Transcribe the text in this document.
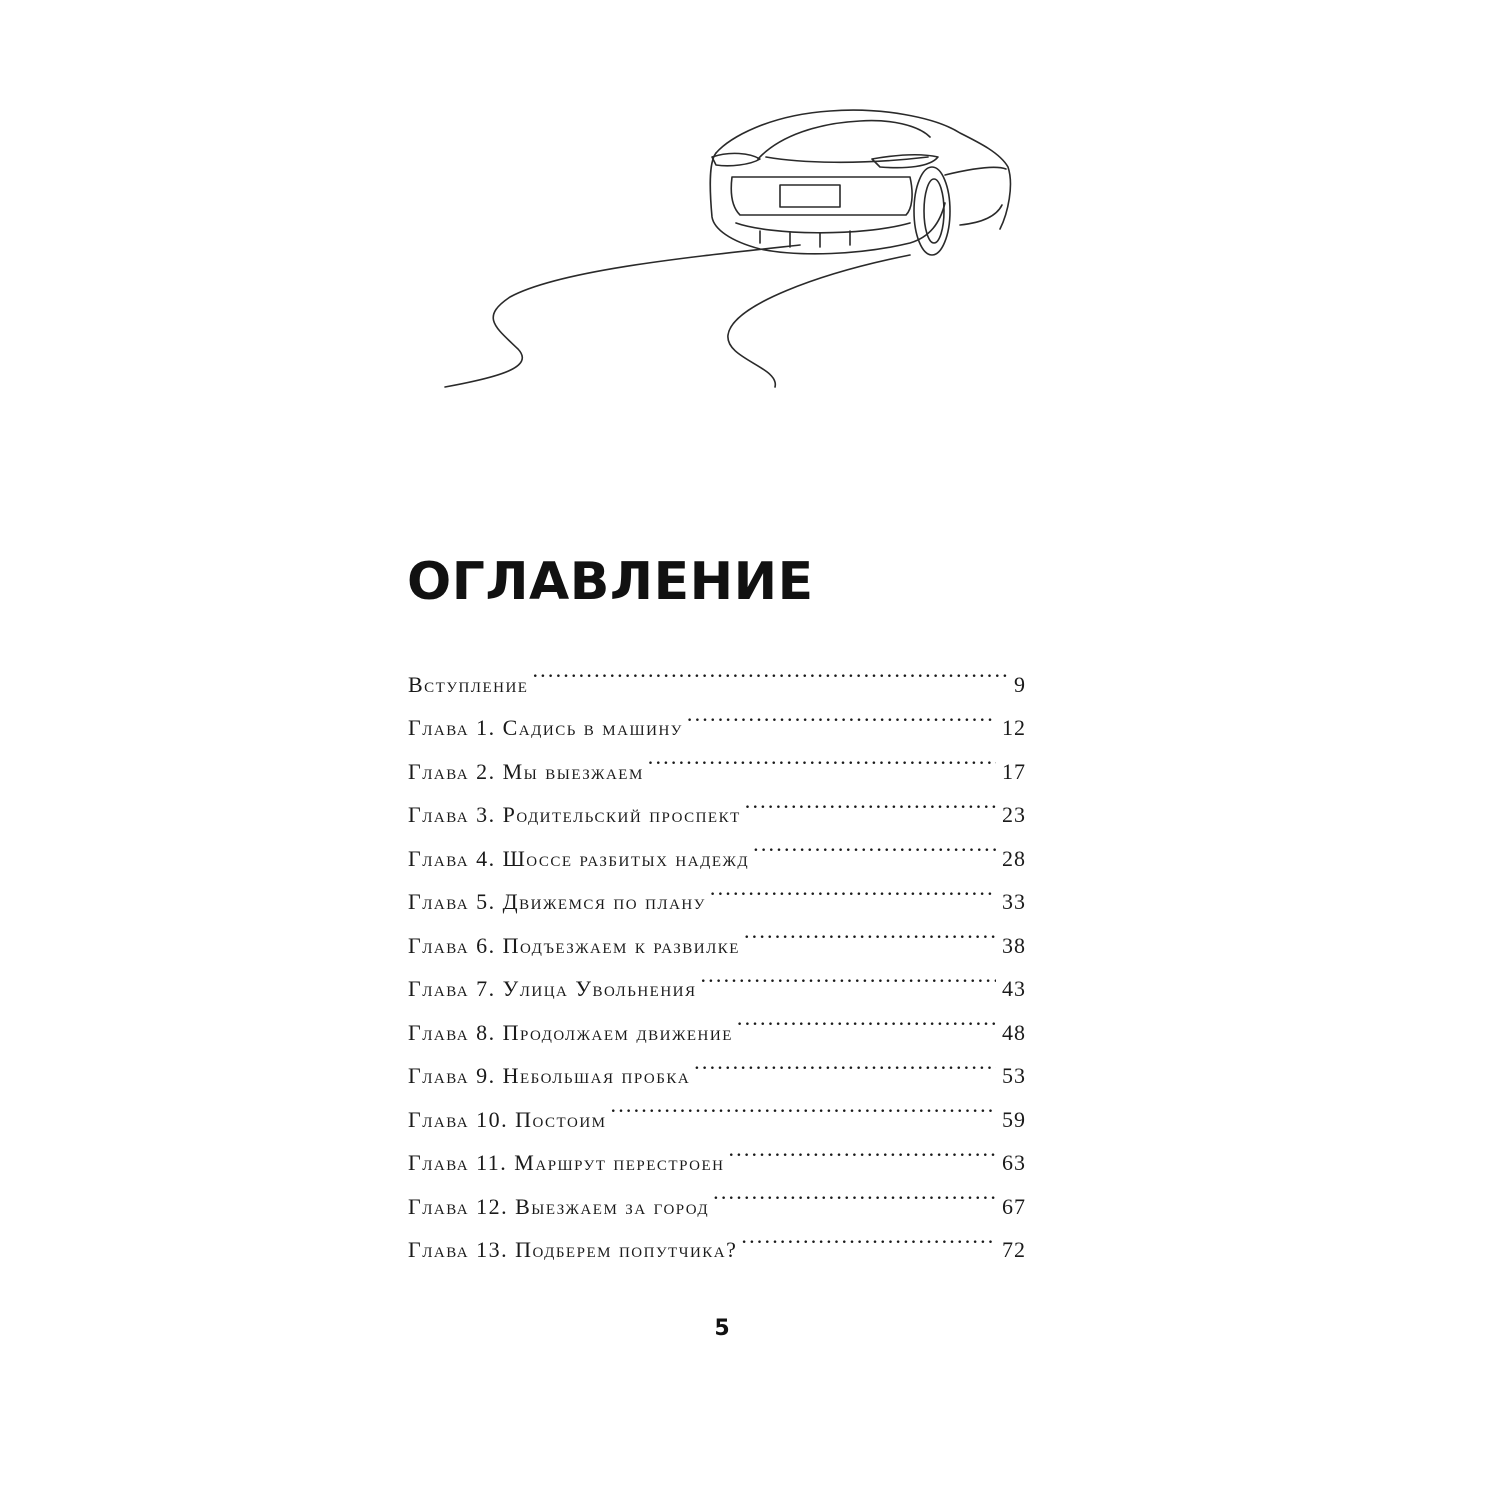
ОГЛАВЛЕНИЕ
Вступление .....	9
Глава 1. Садись в машину .....	12
Глава 2. Мы выезжаем .....	17
Глава 3. Родительский проспект .....	23
Глава 4. Шоссе разбитых надежд .....	28
Глава 5. Движемся по плану .....	33
Глава 6. Подъезжаем к развилке .....	38
Глава 7. Улица Увольнения .....	43
Глава 8. Продолжаем движение .....	48
Глава 9. Небольшая пробка .....	53
Глава 10. Постоим .....	59
Глава 11. Маршрут перестроен .....	63
Глава 12. Выезжаем за город .....	67
Глава 13. Подберем попутчика? .....	72
5
